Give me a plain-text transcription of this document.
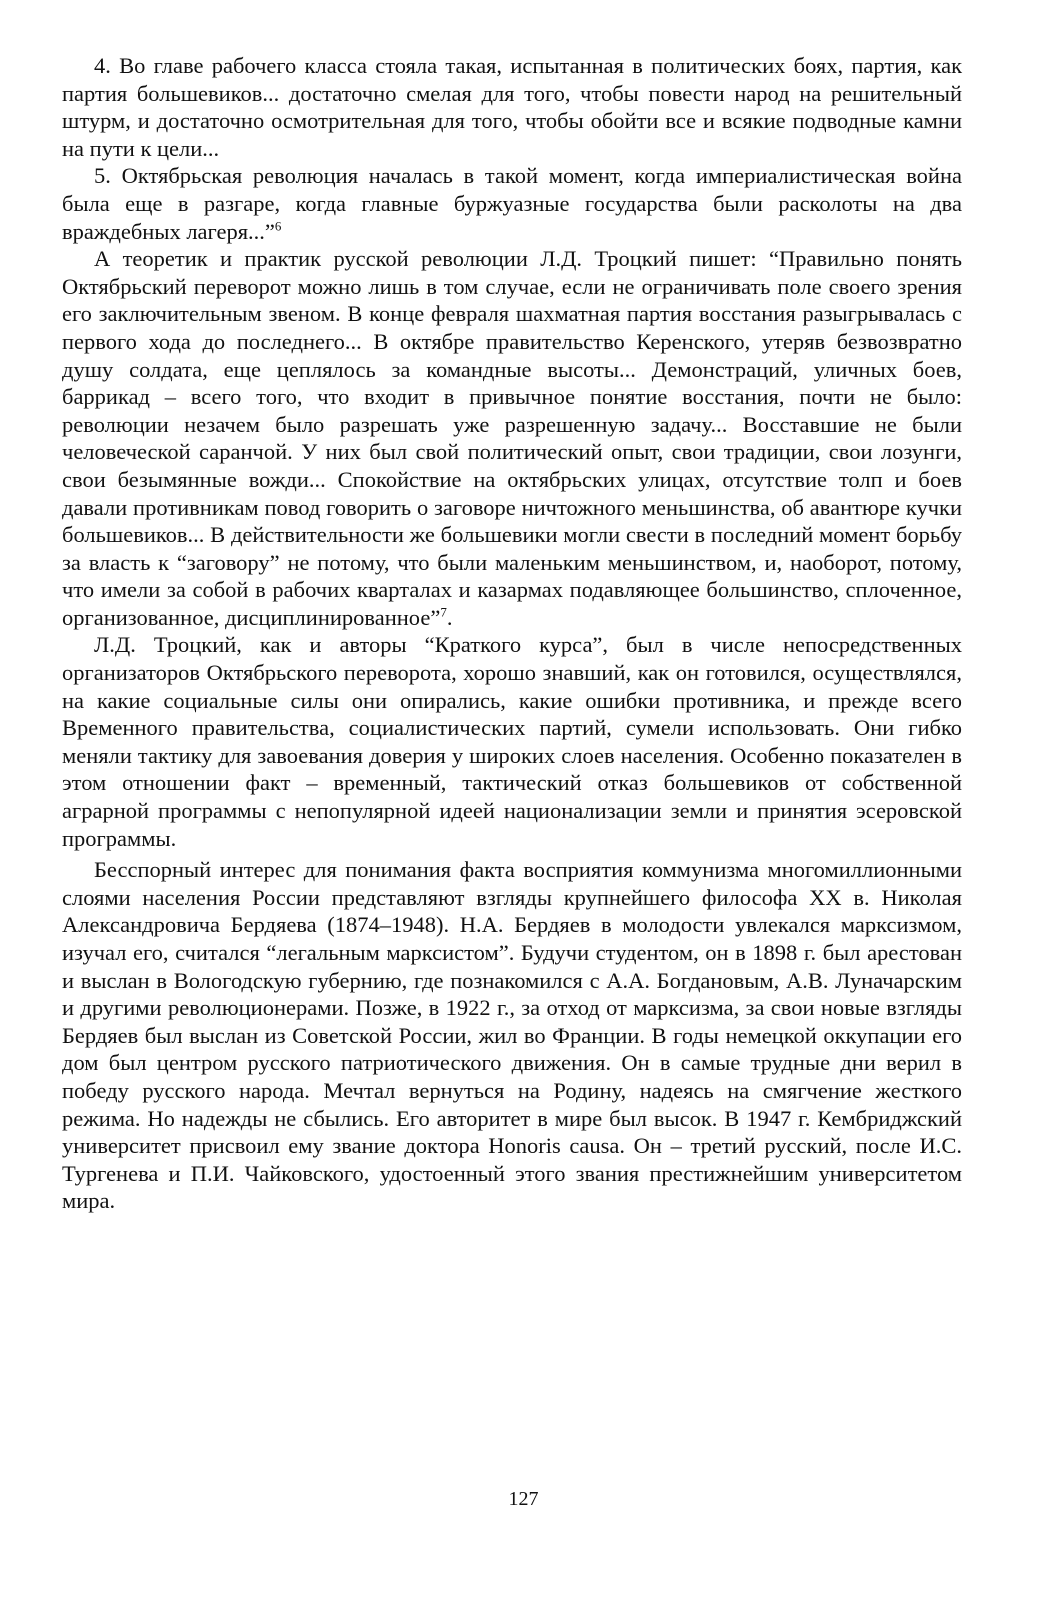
4. Во главе рабочего класса стояла такая, испытанная в политических боях, партия, как партия большевиков... достаточно смелая для того, чтобы повести народ на решительный штурм, и достаточно осмотрительная для того, чтобы обойти все и всякие подводные камни на пути к цели...

5. Октябрьская революция началась в такой момент, когда империалистическая война была еще в разгаре, когда главные буржуазные государства были расколоты на два враждебных лагеря...”$^6$

А теоретик и практик русской революции Л.Д. Троцкий пишет: “Правильно понять Октябрьский переворот можно лишь в том случае, если не ограничивать поле своего зрения его заключительным звеном. В конце февраля шахматная партия восстания разыгрывалась с первого хода до последнего... В октябре правительство Керенского, утеряв безвозвратно душу солдата, еще цеплялось за командные высоты... Демонстраций, уличных боев, баррикад – всего того, что входит в привычное понятие восстания, почти не было: революции незачем было разрешать уже разрешенную задачу... Восставшие не были человеческой саранчой. У них был свой политический опыт, свои традиции, свои лозунги, свои безымянные вожди... Спокойствие на октябрьских улицах, отсутствие толп и боев давали противникам повод говорить о заговоре ничтожного меньшинства, об авантюре кучки большевиков... В действительности же большевики могли свести в последний момент борьбу за власть к “заговору” не потому, что были маленьким меньшинством, и, наоборот, потому, что имели за собой в рабочих кварталах и казармах подавляющее большинство, сплоченное, организованное, дисциплинированное”$^7$.

Л.Д. Троцкий, как и авторы “Краткого курса”, был в числе непосредственных организаторов Октябрьского переворота, хорошо знавший, как он готовился, осуществлялся, на какие социальные силы они опирались, какие ошибки противника, и прежде всего Временного правительства, социалистических партий, сумели использовать. Они гибко меняли тактику для завоевания доверия у широких слоев населения. Особенно показателен в этом отношении факт – временный, тактический отказ большевиков от собственной аграрной программы с непопулярной идеей национализации земли и принятия эсеровской программы.

Бесспорный интерес для понимания факта восприятия коммунизма многомиллионными слоями населения России представляют взгляды крупнейшего философа XX в. Николая Александровича Бердяева (1874–1948). Н.А. Бердяев в молодости увлекался марксизмом, изучал его, считался “легальным марксистом”. Будучи студентом, он в 1898 г. был арестован и выслан в Вологодскую губернию, где познакомился с А.А. Богдановым, А.В. Луначарским и другими революционерами. Позже, в 1922 г., за отход от марксизма, за свои новые взгляды Бердяев был выслан из Советской России, жил во Франции. В годы немецкой оккупации его дом был центром русского патриотического движения. Он в самые трудные дни верил в победу русского народа. Мечтал вернуться на Родину, надеясь на смягчение жесткого режима. Но надежды не сбылись. Его авторитет в мире был высок. В 1947 г. Кембриджский университет присвоил ему звание доктора Honoris causa. Он – третий русский, после И.С. Тургенева и П.И. Чайковского, удостоенный этого звания престижнейшим университетом мира.

127
